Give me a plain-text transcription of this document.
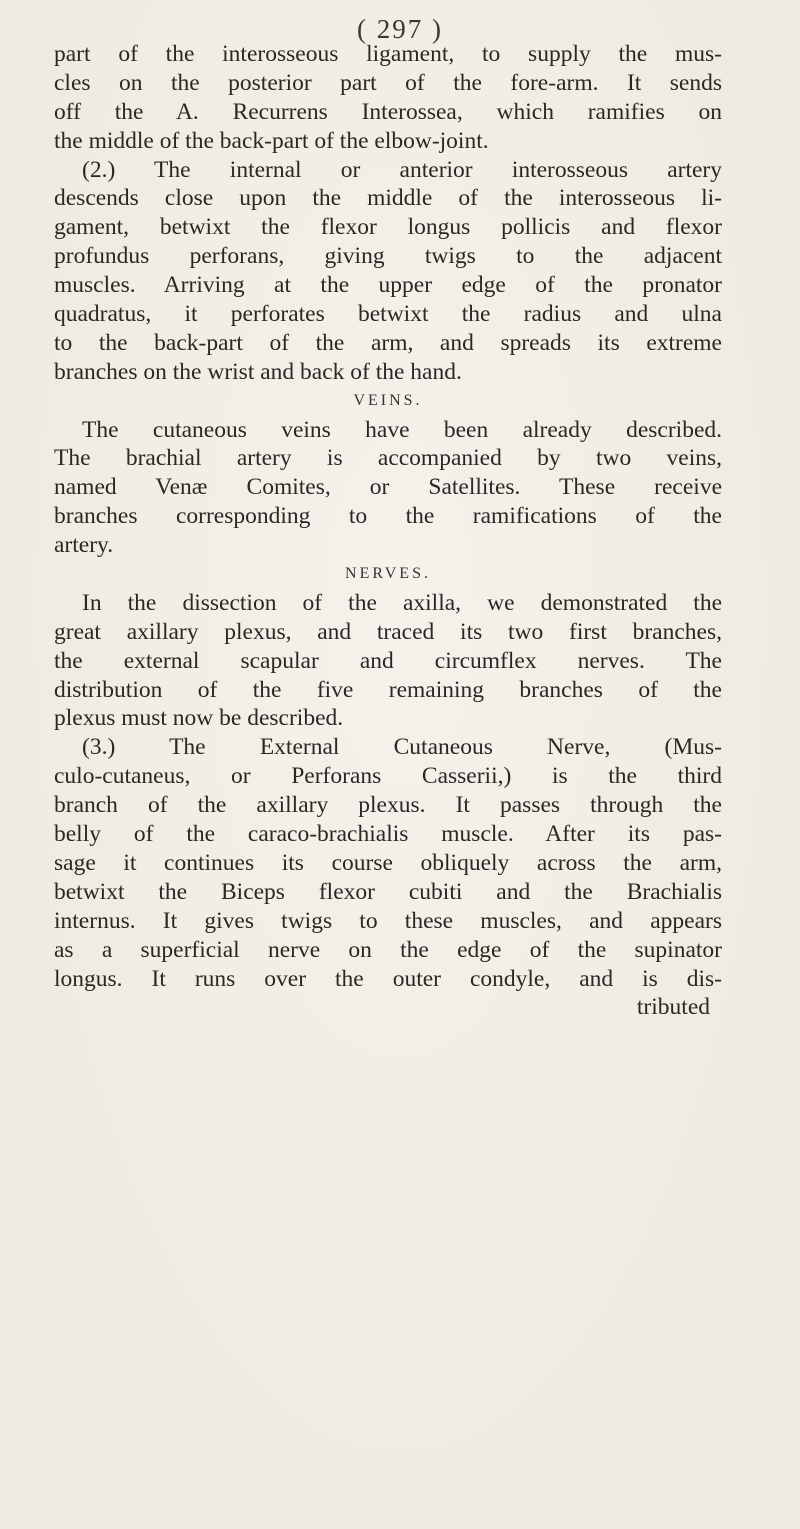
( 297 )
part of the interosseous ligament, to supply the mus-
cles on the posterior part of the fore-arm. It sends
off the A. Recurrens Interossea, which ramifies on
the middle of the back-part of the elbow-joint.
(2.) The internal or anterior interosseous artery
descends close upon the middle of the interosseous li-
gament, betwixt the flexor longus pollicis and flexor
profundus perforans, giving twigs to the adjacent
muscles. Arriving at the upper edge of the pronator
quadratus, it perforates betwixt the radius and ulna
to the back-part of the arm, and spreads its extreme
branches on the wrist and back of the hand.
VEINS.
The cutaneous veins have been already described.
The brachial artery is accompanied by two veins,
named Venæ Comites, or Satellites. These receive
branches corresponding to the ramifications of the
artery.
NERVES.
In the dissection of the axilla, we demonstrated the
great axillary plexus, and traced its two first branches,
the external scapular and circumflex nerves. The
distribution of the five remaining branches of the
plexus must now be described.
(3.) The External Cutaneous Nerve, (Mus-
culo-cutaneus, or Perforans Casserii,) is the third
branch of the axillary plexus. It passes through the
belly of the caraco-brachialis muscle. After its pas-
sage it continues its course obliquely across the arm,
betwixt the Biceps flexor cubiti and the Brachialis
internus. It gives twigs to these muscles, and appears
as a superficial nerve on the edge of the supinator
longus. It runs over the outer condyle, and is dis-
tributed
